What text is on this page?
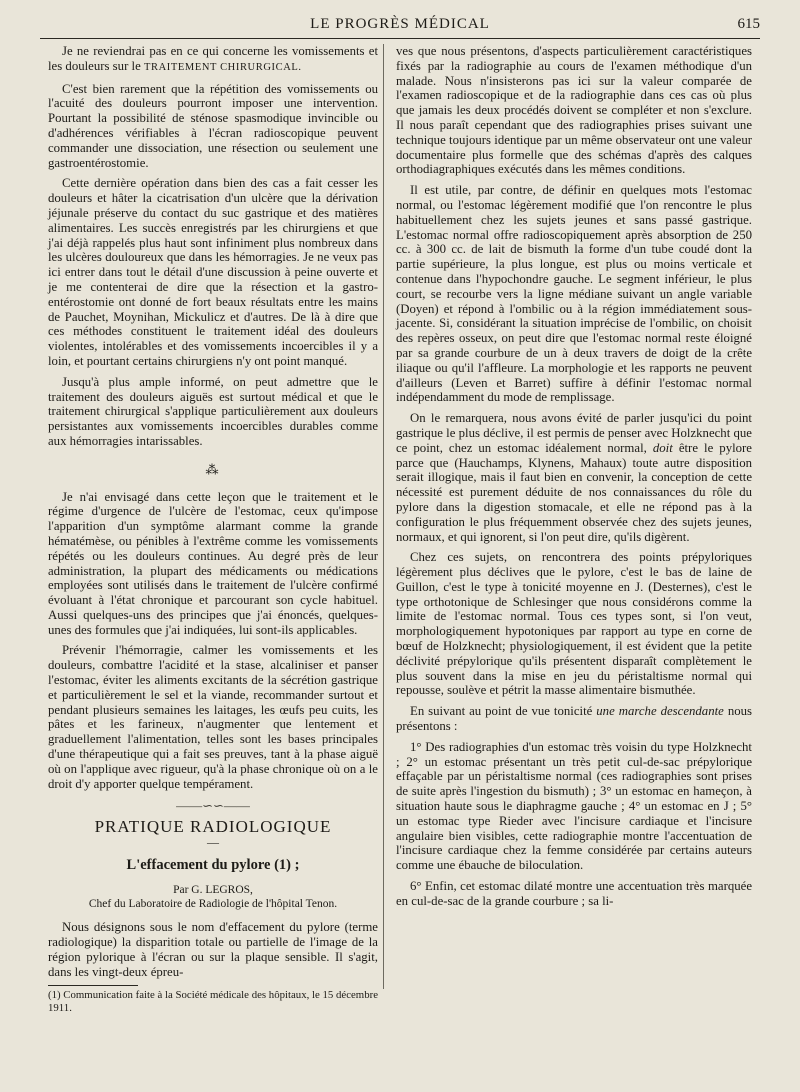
LE PROGRÈS MÉDICAL	615

Je ne reviendrai pas en ce qui concerne les vomissements et les douleurs sur le TRAITEMENT CHIRURGICAL.

C'est bien rarement que la répétition des vomissements ou l'acuité des douleurs pourront imposer une intervention. Pourtant la possibilité de sténose spasmodique invincible ou d'adhérences vérifiables à l'écran radioscopique peuvent commander une dissociation, une résection ou seulement une gastroentérostomie.

Cette dernière opération dans bien des cas a fait cesser les douleurs et hâter la cicatrisation d'un ulcère que la dérivation jéjunale préserve du contact du suc gastrique et des matières alimentaires. Les succès enregistrés par les chirurgiens et que j'ai déjà rappelés plus haut sont infiniment plus nombreux dans les ulcères douloureux que dans les hémorragies. Je ne veux pas ici entrer dans tout le détail d'une discussion à peine ouverte et je me contenterai de dire que la résection et la gastro-entérostomie ont donné de fort beaux résultats entre les mains de Pauchet, Moynihan, Mickulicz et d'autres. De là à dire que ces méthodes constituent le traitement idéal des douleurs violentes, intolérables et des vomissements incoercibles il y a loin, et pourtant certains chirurgiens n'y ont point manqué.

Jusqu'à plus ample informé, on peut admettre que le traitement des douleurs aiguës est surtout médical et que le traitement chirurgical s'applique particulièrement aux douleurs persistantes aux vomissements incoercibles durables comme aux hémorragies intarissables.

⁂

Je n'ai envisagé dans cette leçon que le traitement et le régime d'urgence de l'ulcère de l'estomac, ceux qu'impose l'apparition d'un symptôme alarmant comme la grande hématémèse, ou pénibles à l'extrême comme les vomissements répétés ou les douleurs continues. Au degré près de leur administration, la plupart des médicaments ou médications employées sont utilisés dans le traitement de l'ulcère confirmé évoluant à l'état chronique et parcourant son cycle habituel. Aussi quelques-uns des principes que j'ai énoncés, quelques-unes des formules que j'ai indiquées, lui sont-ils applicables.

Prévenir l'hémorragie, calmer les vomissements et les douleurs, combattre l'acidité et la stase, alcaliniser et panser l'estomac, éviter les aliments excitants de la sécrétion gastrique et particulièrement le sel et la viande, recommander surtout et pendant plusieurs semaines les laitages, les œufs peu cuits, les pâtes et les farineux, n'augmenter que lentement et graduellement l'alimentation, telles sont les bases principales d'une thérapeutique qui a fait ses preuves, tant à la phase aiguë où on l'applique avec rigueur, qu'à la phase chronique où on a le droit d'y apporter quelque tempérament.

——∽∽——
PRATIQUE RADIOLOGIQUE
—
L'effacement du pylore (1) ;
Par G. LEGROS,
Chef du Laboratoire de Radiologie de l'hôpital Tenon.

Nous désignons sous le nom d'effacement du pylore (terme radiologique) la disparition totale ou partielle de l'image de la région pylorique à l'écran ou sur la plaque sensible. Il s'agit, dans les vingt-deux épreu-

(1) Communication faite à la Société médicale des hôpitaux, le 15 décembre 1911.

ves que nous présentons, d'aspects particulièrement caractéristiques fixés par la radiographie au cours de l'examen méthodique d'un malade. Nous n'insisterons pas ici sur la valeur comparée de l'examen radioscopique et de la radiographie dans ces cas où plus que jamais les deux procédés doivent se compléter et non s'exclure. Il nous paraît cependant que des radiographies prises suivant une technique toujours identique par un même observateur ont une valeur documentaire plus formelle que des schémas d'après des calques orthodiagraphiques exécutés dans les mêmes conditions.

Il est utile, par contre, de définir en quelques mots l'estomac normal, ou l'estomac légèrement modifié que l'on rencontre le plus habituellement chez les sujets jeunes et sans passé gastrique. L'estomac normal offre radioscopiquement après absorption de 250 cc. à 300 cc. de lait de bismuth la forme d'un tube coudé dont la partie supérieure, la plus longue, est plus ou moins verticale et contenue dans l'hypochondre gauche. Le segment inférieur, le plus court, se recourbe vers la ligne médiane suivant un angle variable (Doyen) et répond à l'ombilic ou à la région immédiatement sous-jacente. Si, considérant la situation imprécise de l'ombilic, on choisit des repères osseux, on peut dire que l'estomac normal reste éloigné par sa grande courbure de un à deux travers de doigt de la crête iliaque ou qu'il l'affleure. La morphologie et les rapports ne peuvent d'ailleurs (Leven et Barret) suffire à définir l'estomac normal indépendamment du mode de remplissage.

On le remarquera, nous avons évité de parler jusqu'ici du point gastrique le plus déclive, il est permis de penser avec Holzknecht que ce point, chez un estomac idéalement normal, doit être le pylore parce que (Hauchamps, Klynens, Mahaux) toute autre disposition serait illogique, mais il faut bien en convenir, la conception de cette nécessité est purement déduite de nos connaissances du rôle du pylore dans la digestion stomacale, et elle ne répond pas à la configuration le plus fréquemment observée chez des sujets jeunes, normaux, et qui ignorent, si l'on peut dire, qu'ils digèrent.

Chez ces sujets, on rencontrera des points prépyloriques légèrement plus déclives que le pylore, c'est le bas de laine de Guillon, c'est le type à tonicité moyenne en J. (Desternes), c'est le type orthotonique de Schlesinger que nous considérons comme la limite de l'estomac normal. Tous ces types sont, si l'on veut, morphologiquement hypotoniques par rapport au type en corne de bœuf de Holzknecht; physiologiquement, il est évident que la petite déclivité prépylorique qu'ils présentent disparaît complètement le plus souvent dans la mise en jeu du péristaltisme normal qui repousse, soulève et pétrit la masse alimentaire bismuthée.

En suivant au point de vue tonicité une marche descendante nous présentons :

1° Des radiographies d'un estomac très voisin du type Holzknecht ; 2° un estomac présentant un très petit cul-de-sac prépylorique effaçable par un péristaltisme normal (ces radiographies sont prises de suite après l'ingestion du bismuth) ; 3° un estomac en hameçon, à situation haute sous le diaphragme gauche ; 4° un estomac en J ; 5° un estomac type Rieder avec l'incisure cardiaque et l'incisure angulaire bien visibles, cette radiographie montre l'accentuation de l'incisure cardiaque chez la femme considérée par certains auteurs comme une ébauche de biloculation.

6° Enfin, cet estomac dilaté montre une accentuation très marquée en cul-de-sac de la grande courbure ; sa li-
